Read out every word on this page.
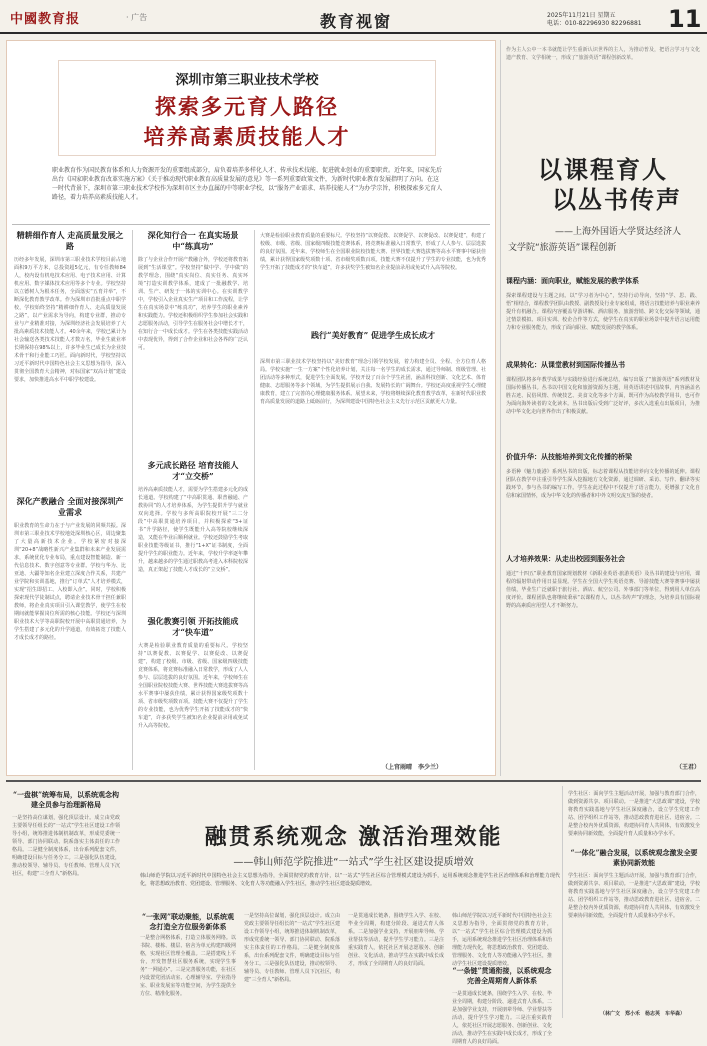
中國教育报	· 广告	教育视窗	2025年11月21日 星期五
电话：010-82296930 82296881 11
深圳市第三职业技术学校
探索多元育人路径
培养高素质技能人才
职业教育作为国民教育体系和人力资源开发的重要组成部分，肩负着培养多样化人才、传承技术技能、促进就业创业的重要职责。近年来，国家先后出台《国家职业教育改革实施方案》《关于推动现代职业教育高质量发展的意见》等一系列重要政策文件，为新时代职业教育发展指明了方向。在这一时代背景下，深圳市第三职业技术学校作为深圳市区主办直属的中等职业学校，以“服务产业需求、培养技能人才”为办学宗旨，积极探索多元育人路径，着力培养高素质技能人才。
精耕细作育人 走高质量发展之路
历经多年发展，深圳市第三职业技术学校目前占地面积9万平方米，总投资超5亿元，有专任教师84人，校内设有机电技术应用、电子技术应用、计算机应用、数字媒体技术应用等多个专业。学校坚持以立德树人为根本任务，全面落实“五育并举”，不断深化教育教学改革。作为深圳市首批重点中职学校，学校始终坚持“精耕细作育人、走高质量发展之路”，以产业需求为导向，构建专业群，推动专业与产业精准对接，为深圳经济社会发展培养了大批高素质技术技能人才。40余年来，学校已累计为社会输送各类技术技能人才数万名，毕业生就业率长期保持在98%以上，许多毕业生已成长为企业技术骨干和行业能工巧匠。面向新时代，学校坚持以习近平新时代中国特色社会主义思想为指导，深入贯彻全国教育大会精神，对标国家“双高计划”建设要求，加快推进高水平中职学校建设。
深化产教融合 全面对接深圳产业需求
职业教育的生命力在于与产业发展的同频共振。深圳市第三职业技术学校地处深圳核心区，周边聚集了大量高新技术企业。学校紧密对接深圳“20+8”战略性新兴产业集群和未来产业发展需求，系统优化专业布局，重点建设智能制造、新一代信息技术、数字创意等专业群。学校与华为、比亚迪、大疆等知名企业建立深度合作关系，共建产业学院和实训基地，推行“订单式”人才培养模式，实现“招生即招工、入校即入企”。同时，学校积极探索现代学徒制试点，聘请企业技术骨干担任兼职教师，将企业真实项目引入课堂教学，使学生在校期间就能掌握岗位所需的核心技能。学校还与深圳职业技术大学等高职院校开展中高职贯通培养，为学生搭建了多元化的升学通道，有效拓宽了技能人才成长成才的路径。
深化知行合一 在真实场景中“练真功”
除了与企业合作开展产教融合外，学校还将教育拓展到“生活课堂”。学校坚持“做中学、学中做”的教学理念，围绕“真实岗位、真实任务、真实环境”打造实训教学体系，建成了一批融教学、培训、生产、研发于一体的实训中心。在实训教学中，学校引入企业真实生产项目和工作流程，让学生在真实场景中“练真功”，培养学生的职业素养和实践能力。学校还积极组织学生参加社会实践和志愿服务活动，引导学生在服务社会中增长才干，在知行合一中成长成才。学生在各类技能实践活动中表现优异，得到了合作企业和社会各界的广泛认可。
多元成长路径 培育技能人才“立交桥”
培养高素质技能人才，需要为学生搭建多元化的成长通道。学校构建了“中高职贯通、职普融通、产教协同”的人才培养体系，为学生提供升学与就业双向选择。学校与多所高职院校开展“三二分段”中高职贯通培养项目，并积极探索“3+证书”升学路径，使学生既能升入高等院校继续深造，又能在毕业后顺利就业。学校还鼓励学生考取职业技能等级证书，推行“1+X”证书制度，全面提升学生的职业能力。近年来，学校升学率逐年攀升，越来越多的学生通过职教高考进入本科院校深造，真正架起了技能人才成长的“立交桥”。
强化教赛引领 开拓技能成才“快车道”
大赛是检验职业教育质量的重要标尺。学校坚持“以赛促教、以赛促学、以赛促改、以赛促建”，构建了校级、市级、省级、国家级四级技能竞赛体系，将竞赛标准融入日常教学，形成了人人参与、层层选拔的良好氛围。近年来，学校师生在全国职业院校技能大赛、世界技能大赛选拔赛等高水平赛事中屡获佳绩，累计获得国家级奖项数十项、省市级奖项数百项。技能大赛不仅提升了学生的专业技能，也为优秀学生开拓了技能成才的“快车道”，许多获奖学生被知名企业提前录用或免试升入高等院校。
践行“美好教育” 促进学生成长成才
大赛是检验职业教育质量的重要标尺。学校坚持“以赛促教、以赛促学、以赛促改、以赛促建”，构建了校级、市级、省级、国家级四级技能竞赛体系，将竞赛标准融入日常教学，形成了人人参与、层层选拔的良好氛围。近年来，学校师生在全国职业院校技能大赛、世界技能大赛选拔赛等高水平赛事中屡获佳绩，累计获得国家级奖项数十项、省市级奖项数百项。技能大赛不仅提升了学生的专业技能，也为优秀学生开拓了技能成才的“快车道”，许多获奖学生被知名企业提前录用或免试升入高等院校。
深圳市第三职业技术学校坚持以“美好教育”理念引领学校发展，着力构建全员、全程、全方位育人格局。学校实施“一生一方案”个性化培养计划，关注每一名学生的成长需求，通过导师制、班级管理、社团活动等多种形式，促进学生全面发展。学校开设了百余个学生社团，涵盖科技创新、文化艺术、体育健康、志愿服务等多个领域，为学生提供展示自我、发展特长的广阔舞台。学校还高度重视学生心理健康教育，建立了完善的心理健康服务体系。展望未来，学校将继续深化教育教学改革，在新时代职业教育高质量发展的道路上砥砺前行，为深圳建设中国特色社会主义先行示范区贡献更大力量。
（上官雨晴　李少兰）
作为主人公中一本书就能让学生重新认识世界的主人，为推动普及，把语言学习与文化遗产教育、文学相统一，形成了“旅游英语”课程创新改革。
以课程育人
以丛书传声
——上海外国语大学贤达经济人
文学院“旅游英语”课程创新
课程内涵：面向职业，赋能发展的教学体系
探索课程建设与主题之间。以“学习者为中心”，坚持行动导向，坚持“学、思、践、悟”相结合，课程教学团队由教授、副教授及行业专家组成，将语言技能培养与职业素养提升有机融合。课程内容覆盖导游讲解、酒店服务、旅游营销、跨文化交际等领域，通过情景模拟、项目实训、校企合作等方式，使学生在真实的职业场景中提升语言运用能力和专业服务能力，形成了面向职业、赋能发展的教学体系。
成果转化：从课堂教材到国际传播丛书
课程团队将多年教学成果与实践经验进行系统总结，编写出版了“旅游英语”系列教材及国际传播丛书。丛书以中国文化和旅游资源为主题，用英语讲述中国故事，内容涵盖名胜古迹、民俗风情、传统技艺、美食文化等多个方面，既可作为高校教学用书，也可作为面向海外读者的文化读本。丛书出版后受到广泛好评，多次入选重点出版项目，为推动中华文化走向世界作出了积极贡献。
价值升华：从技能培养到文化传播的桥梁
多语种《魅力鹿港》系列丛书的出版，标志着课程从技能培养向文化传播的延伸。课程团队在教学中注重引导学生深入挖掘地方文化资源，通过调研、采访、写作、翻译等实践环节，参与丛书的编写工作。学生在此过程中不仅提升了语言能力，更增强了文化自信和家国情怀，成为中华文化的传播者和中外文明交流互鉴的使者。
人才培养效果：从走出校园到服务社会
通过“十四五”职业教育国家规划教材《新职业英语·旅游英语》及丛书的建设与应用，课程的辐射带动作用日益显现。学生在全国大学生英语竞赛、导游技能大赛等赛事中屡获佳绩，毕业生广泛就职于旅行社、酒店、航空公司、外事部门等单位，得到用人单位高度评价。课程团队也将继续秉承“以课程育人、以丛书传声”的理念，为培养具有国际视野的高素质应用型人才不断努力。
（王君）
“一盘棋”统筹布局，以系统观念构建全员参与治理新格局
一是坚持高位谋划，强化顶层设计。成立由党政主要领导任组长的“一站式”学生社区建设工作领导小组，统筹推进体制机制改革，形成党委统一领导、部门协同联动、院系落实主体责任的工作格局。二是健全制度体系，出台系列配套文件，明确建设目标与任务分工。三是强化队伍建设，推动校领导、辅导员、专任教师、管理人员下沉社区，构建“三全育人”新格局。
融贯系统观念 激活治理效能
——韩山师范学院推进“一站式”学生社区建设提质增效
韩山师范学院以习近平新时代中国特色社会主义思想为指导，全面贯彻党的教育方针，以“一站式”学生社区综合管理模式建设为抓手，运用系统观念推进学生社区治理体系和治理能力现代化，将思想政治教育、党团建设、管理服务、文化育人等功能融入学生社区，推动学生社区建设提质增效。
“一张网”联动聚能，以系统观念打造全方位服务新体系
一是整合网格体系，打造立体服务网络。以书院、楼栋、楼层、宿舍为单元构建四级网格，实现社区管理全覆盖。二是搭建线上平台，开发智慧社区服务系统，实现学生事务“一网通办”。三是完善服务功能，在社区内设置党团活动室、心理辅导室、学业指导室、职业发展室等功能空间，为学生提供全方位、精准化服务。
一是坚持高位谋划，强化顶层设计。成立由党政主要领导任组长的“一站式”学生社区建设工作领导小组，统筹推进体制机制改革，形成党委统一领导、部门协同联动、院系落实主体责任的工作格局。二是健全制度体系，出台系列配套文件，明确建设目标与任务分工。三是强化队伍建设，推动校领导、辅导员、专任教师、管理人员下沉社区，构建“三全育人”新格局。
一是贯通成长链条，围绕学生入学、在校、毕业全周期，构建分阶段、递进式育人体系。二是加强学业支持，开展朋辈导师、学业帮扶等活动，提升学生学习能力。三是注重实践育人，依托社区开展志愿服务、创新创业、文化活动，推动学生在实践中成长成才，形成了全周期育人的良好局面。
“一条链”贯通衔接，以系统观念完善全周期育人新体系
韩山师范学院以习近平新时代中国特色社会主义思想为指导，全面贯彻党的教育方针，以“一站式”学生社区综合管理模式建设为抓手，运用系统观念推进学生社区治理体系和治理能力现代化，将思想政治教育、党团建设、管理服务、文化育人等功能融入学生社区，推动学生社区建设提质增效。
一是贯通成长链条，围绕学生入学、在校、毕业全周期，构建分阶段、递进式育人体系。二是加强学业支持，开展朋辈导师、学业帮扶等活动，提升学生学习能力。三是注重实践育人，依托社区开展志愿服务、创新创业、文化活动，推动学生在实践中成长成才，形成了全周期育人的良好局面。
学生社区：面向学生主题活动开展，加强与教育部门合作，做到资源共享、项目联动。一是推进“大思政课”建设，学校将教育实践基地与学生社区深度融合，设立学生党建工作站、团学组织工作站等，推动思政教育进社区、进宿舍。二是整合校内外优质资源，构建协同育人共同体，有效激发全要素协同新效能，全面提升育人质量和办学水平。
“一体化”融合发展，以系统观念激发全要素协同新效能
学生社区：面向学生主题活动开展，加强与教育部门合作，做到资源共享、项目联动。一是推进“大思政课”建设，学校将教育实践基地与学生社区深度融合，设立学生党建工作站、团学组织工作站等，推动思政教育进社区、进宿舍。二是整合校内外优质资源，构建协同育人共同体，有效激发全要素协同新效能，全面提升育人质量和办学水平。
（林广文　郑小禾　杨志英　车华森）
